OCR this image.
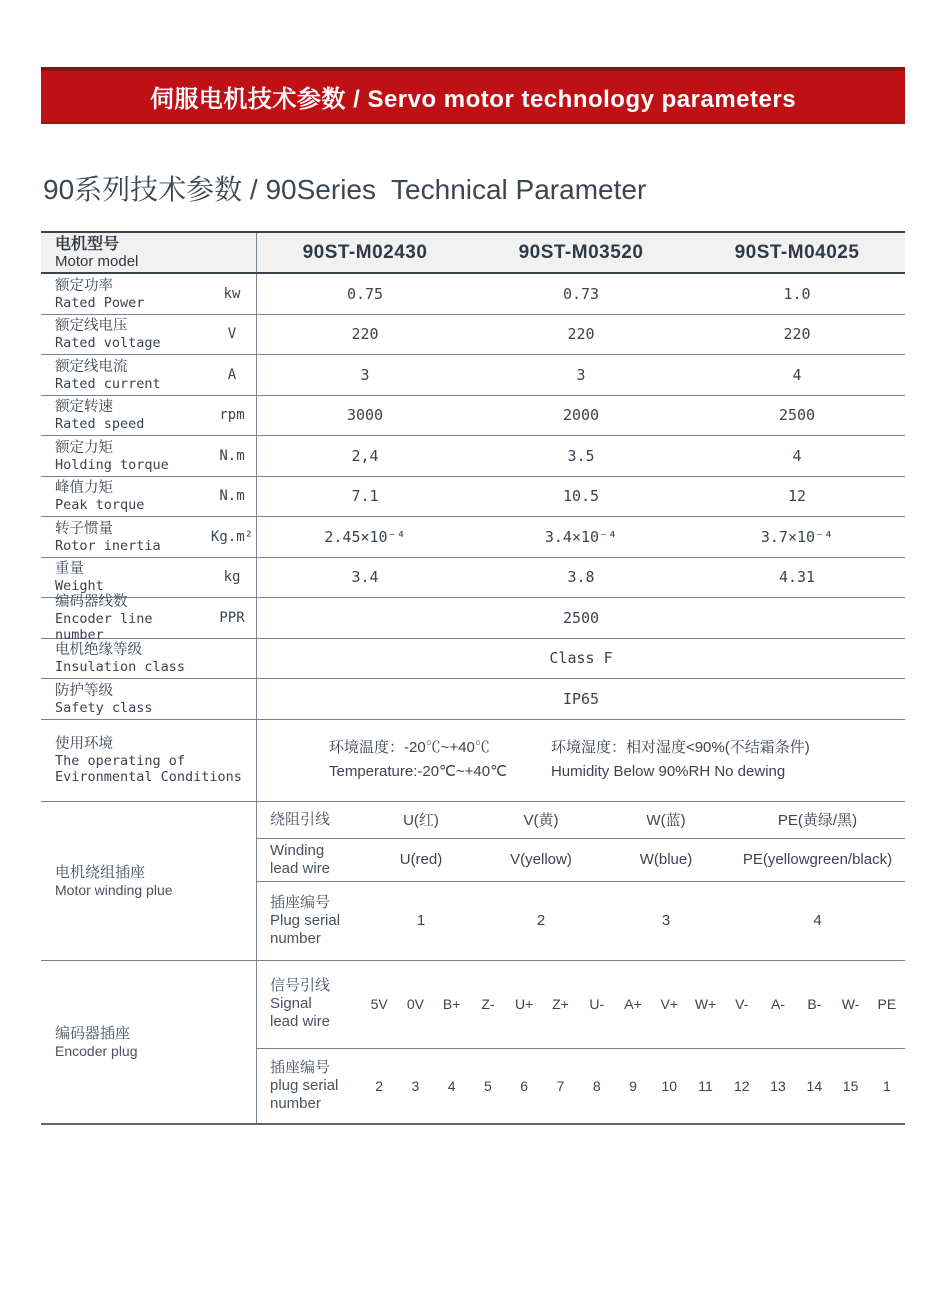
伺服电机技术参数 / Servo motor technology parameters
90系列技术参数 / 90Series  Technical Parameter
电机型号
Motor model	90ST-M02430	90ST-M03520	90ST-M04025
额定功率
Rated Power
kw	0.75	0.73	1.0
额定线电压
Rated voltage
V	220	220	220
额定线电流
Rated current
A	3	3	4
额定转速
Rated speed
rpm	3000	2000	2500
额定力矩
Holding torque
N.m	2,4	3.5	4
峰值力矩
Peak torque
N.m	7.1	10.5	12
转子惯量
Rotor inertia
Kg.m²	2.45×10⁻⁴	3.4×10⁻⁴	3.7×10⁻⁴
重量
Weight
kg	3.4	3.8	4.31
编码器线数
Encoder line number
PPR	2500
电机绝缘等级
Insulation class	Class F
防护等级
Safety class	IP65
使用环境
The operating of
Evironmental Conditions
环境温度：-20℃~+40℃
Temperature:-20℃~+40℃
环境湿度：相对湿度<90%(不结霜条件)
Humidity Below 90%RH No dewing
电机绕组插座
Motor winding plue
绕阻引线	U(红)	V(黄)	W(蓝)	PE(黄绿/黑)
Winding
lead wire	U(red)	V(yellow)	W(blue)	PE(yellowgreen/black)
插座编号
Plug serial
number
1	2	3	4
编码器插座
Encoder plug
信号引线
Signal
lead wire
5V	0V	B+	Z-	U+	Z+	U-	A+	V+	W+	V-	A-	B-	W-	PE
插座编号
plug serial
number
2	3	4	5	6	7	8	9	10	11	12	13	14	15	1
